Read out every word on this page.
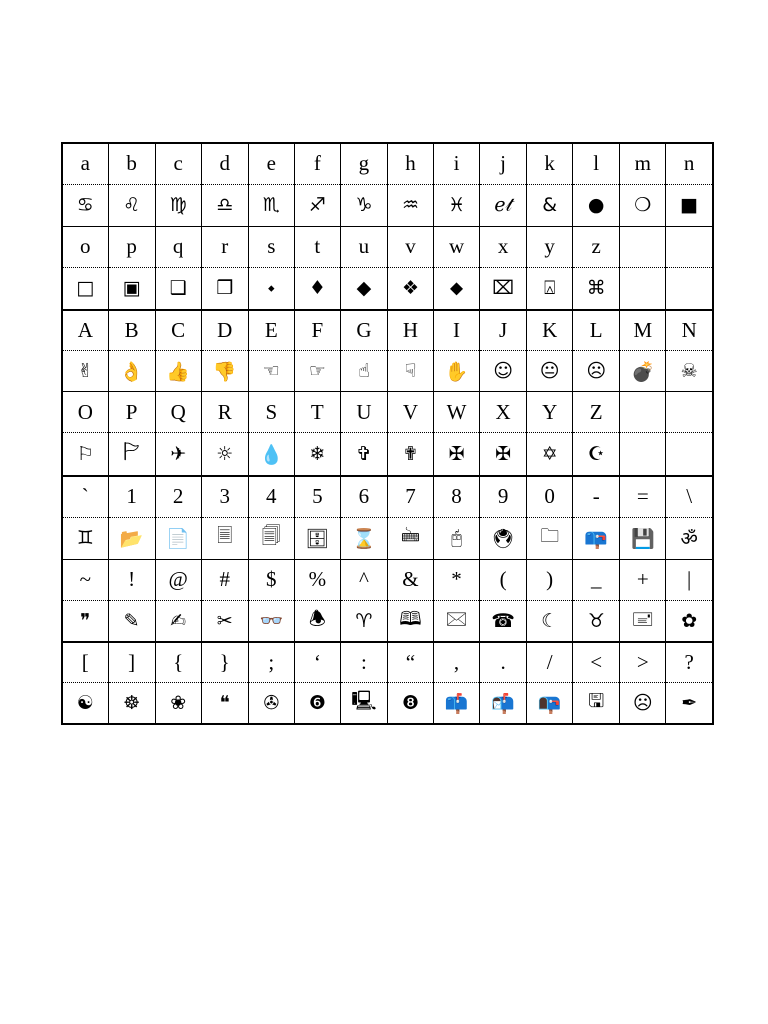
a	b	c	d	e	f	g	h	i	j	k	l	m	n
♋	♌	♍	♎	♏	♐	♑	♒	♓	ℯ𝓉	&	●	❍	■
o	p	q	r	s	t	u	v	w	x	y	z		
□	▣	❑	❒	⬩	♦	◆	❖	⬥	⌧	⍓	⌘		
A	B	C	D	E	F	G	H	I	J	K	L	M	N
✌	👌	👍	👎	☜	☞	☝	☟	✋	☺	😐	☹	💣	☠
O	P	Q	R	S	T	U	V	W	X	Y	Z		
⚐	🏱	✈	☼	💧	❄	✞	✟	✠	✠	✡	☪		
`	1	2	3	4	5	6	7	8	9	0	-	=	\
♊	📂	📄	🗏	🗐	🗄	⌛	🖮	🖰	🖲	🗀	📪	💾	ॐ
~	!	@	#	$	%	^	&	*	(	)	_	+	|
❞	✎	✍	✂	👓	🕭	♈	🕮	🖂	☎	☾	♉	🖃	✿
[	]	{	}	;	‘	:	“	,	.	/	<	>	?
☯	☸	❀	❝	✇	❻	🖳	❽	📫	📬	📭	🖫	☹	✒
